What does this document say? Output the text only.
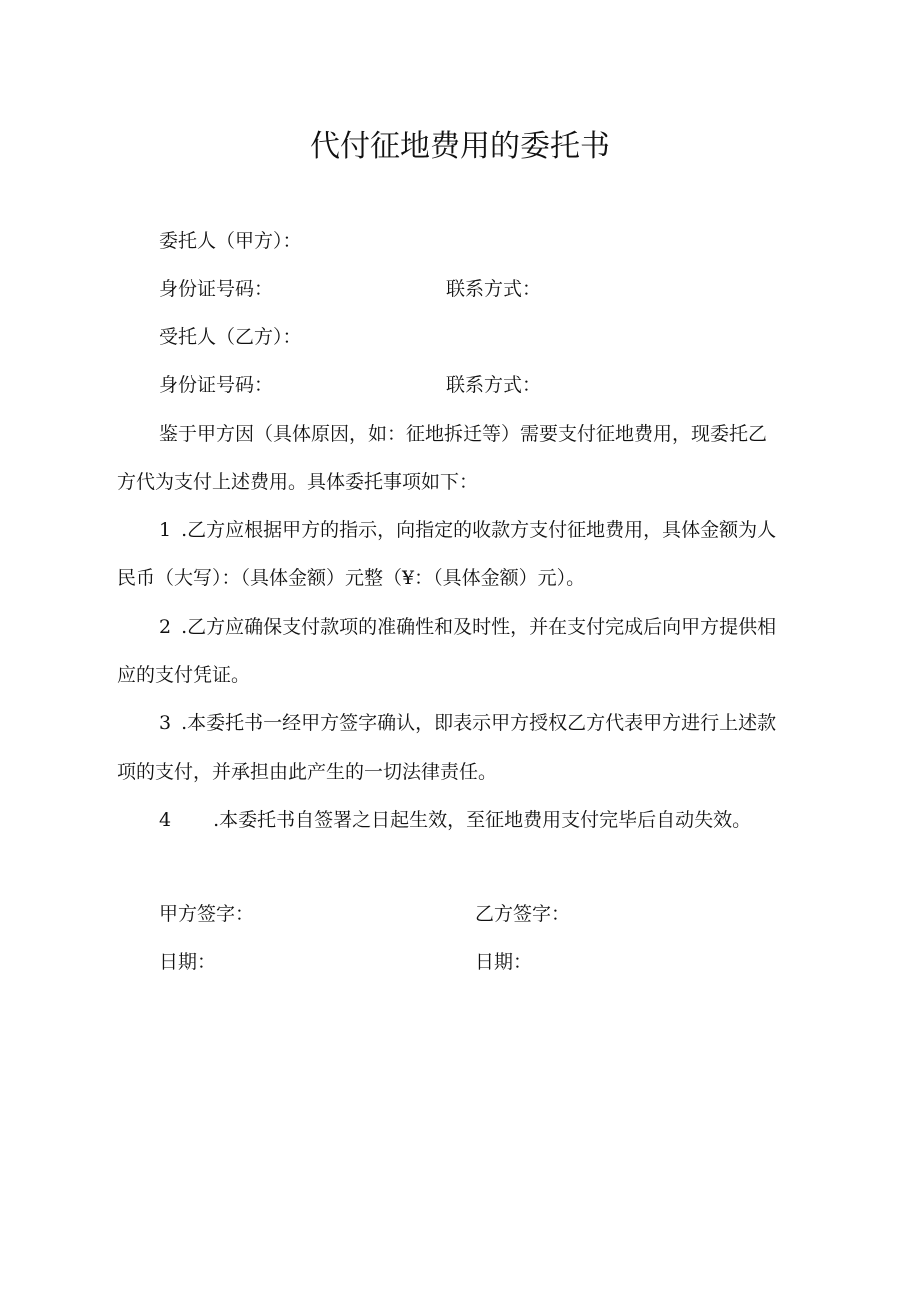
代付征地费用的委托书
委托人（甲方）：
身份证号码：	联系方式：
受托人（乙方）：
身份证号码：	联系方式：
鉴于甲方因（具体原因，如：征地拆迁等）需要支付征地费用，现委托乙
方代为支付上述费用。具体委托事项如下：
1 .乙方应根据甲方的指示，向指定的收款方支付征地费用，具体金额为人
民币（大写）：（具体金额）元整（¥：（具体金额）元）。
2 .乙方应确保支付款项的准确性和及时性，并在支付完成后向甲方提供相
应的支付凭证。
3 .本委托书一经甲方签字确认，即表示甲方授权乙方代表甲方进行上述款
项的支付，并承担由此产生的一切法律责任。
4 .本委托书自签署之日起生效，至征地费用支付完毕后自动失效。
甲方签字：	乙方签字：
日期：	日期：
